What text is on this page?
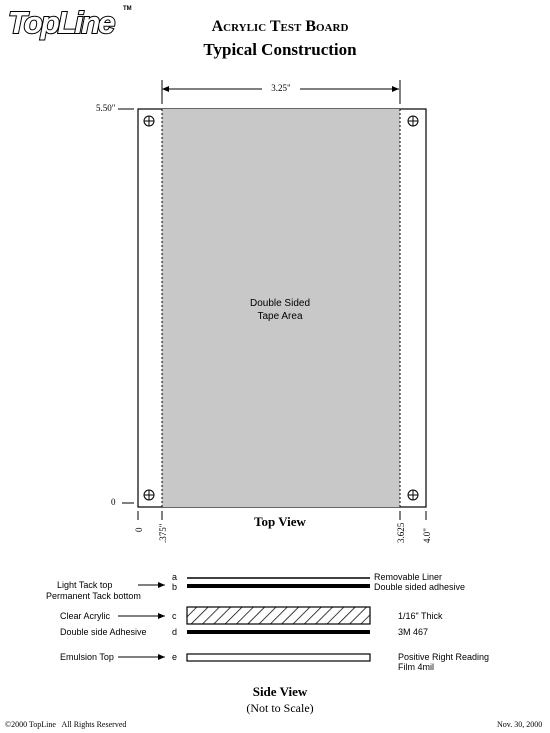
TopLine	TM
Acrylic Test Board
Typical Construction
3.25"
5.50"
0
Double Sided
Tape Area
Top View
0 .375"	3.625 4.0"
Light Tack top
Permanent Tack bottom
Clear Acrylic
Double side Adhesive
Emulsion Top
a
b
c
d
e
Removable Liner
Double sided adhesive
1/16" Thick
3M 467
Positive Right Reading
Film 4mil
Side View
(Not to Scale)
©2000 TopLine   All Rights Reserved	Nov. 30, 2000
